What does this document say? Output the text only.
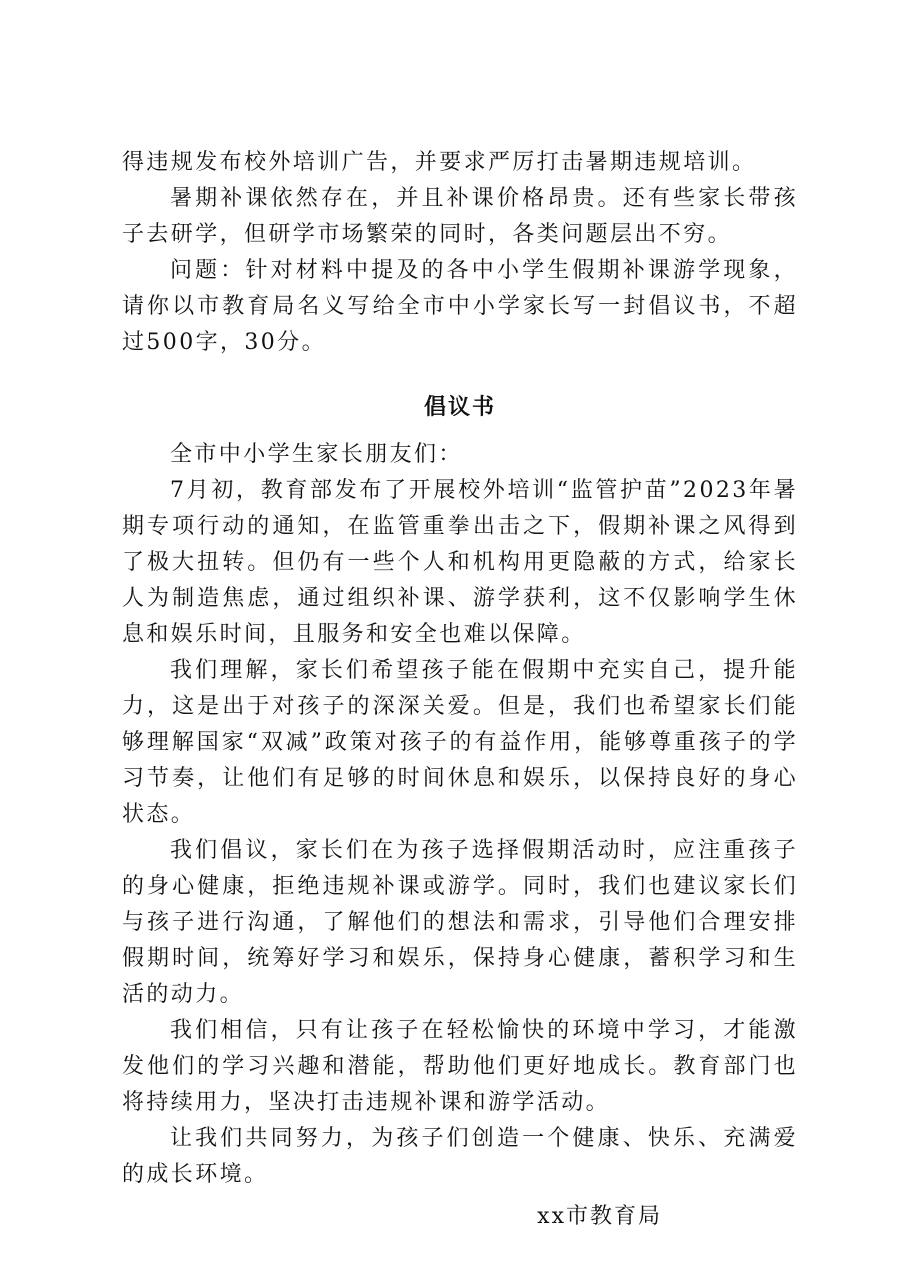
得违规发布校外培训广告，并要求严厉打击暑期违规培训。

暑期补课依然存在，并且补课价格昂贵。还有些家长带孩子去研学，但研学市场繁荣的同时，各类问题层出不穷。

问题：针对材料中提及的各中小学生假期补课游学现象，请你以市教育局名义写给全市中小学家长写一封倡议书，不超过500字，30分。

倡议书

全市中小学生家长朋友们：

7月初，教育部发布了开展校外培训“监管护苗”2023年暑期专项行动的通知，在监管重拳出击之下，假期补课之风得到了极大扭转。但仍有一些个人和机构用更隐蔽的方式，给家长人为制造焦虑，通过组织补课、游学获利，这不仅影响学生休息和娱乐时间，且服务和安全也难以保障。

我们理解，家长们希望孩子能在假期中充实自己，提升能力，这是出于对孩子的深深关爱。但是，我们也希望家长们能够理解国家“双减”政策对孩子的有益作用，能够尊重孩子的学习节奏，让他们有足够的时间休息和娱乐，以保持良好的身心状态。

我们倡议，家长们在为孩子选择假期活动时，应注重孩子的身心健康，拒绝违规补课或游学。同时，我们也建议家长们与孩子进行沟通，了解他们的想法和需求，引导他们合理安排假期时间，统筹好学习和娱乐，保持身心健康，蓄积学习和生活的动力。

我们相信，只有让孩子在轻松愉快的环境中学习，才能激发他们的学习兴趣和潜能，帮助他们更好地成长。教育部门也将持续用力，坚决打击违规补课和游学活动。

让我们共同努力，为孩子们创造一个健康、快乐、充满爱的成长环境。

xx市教育局
